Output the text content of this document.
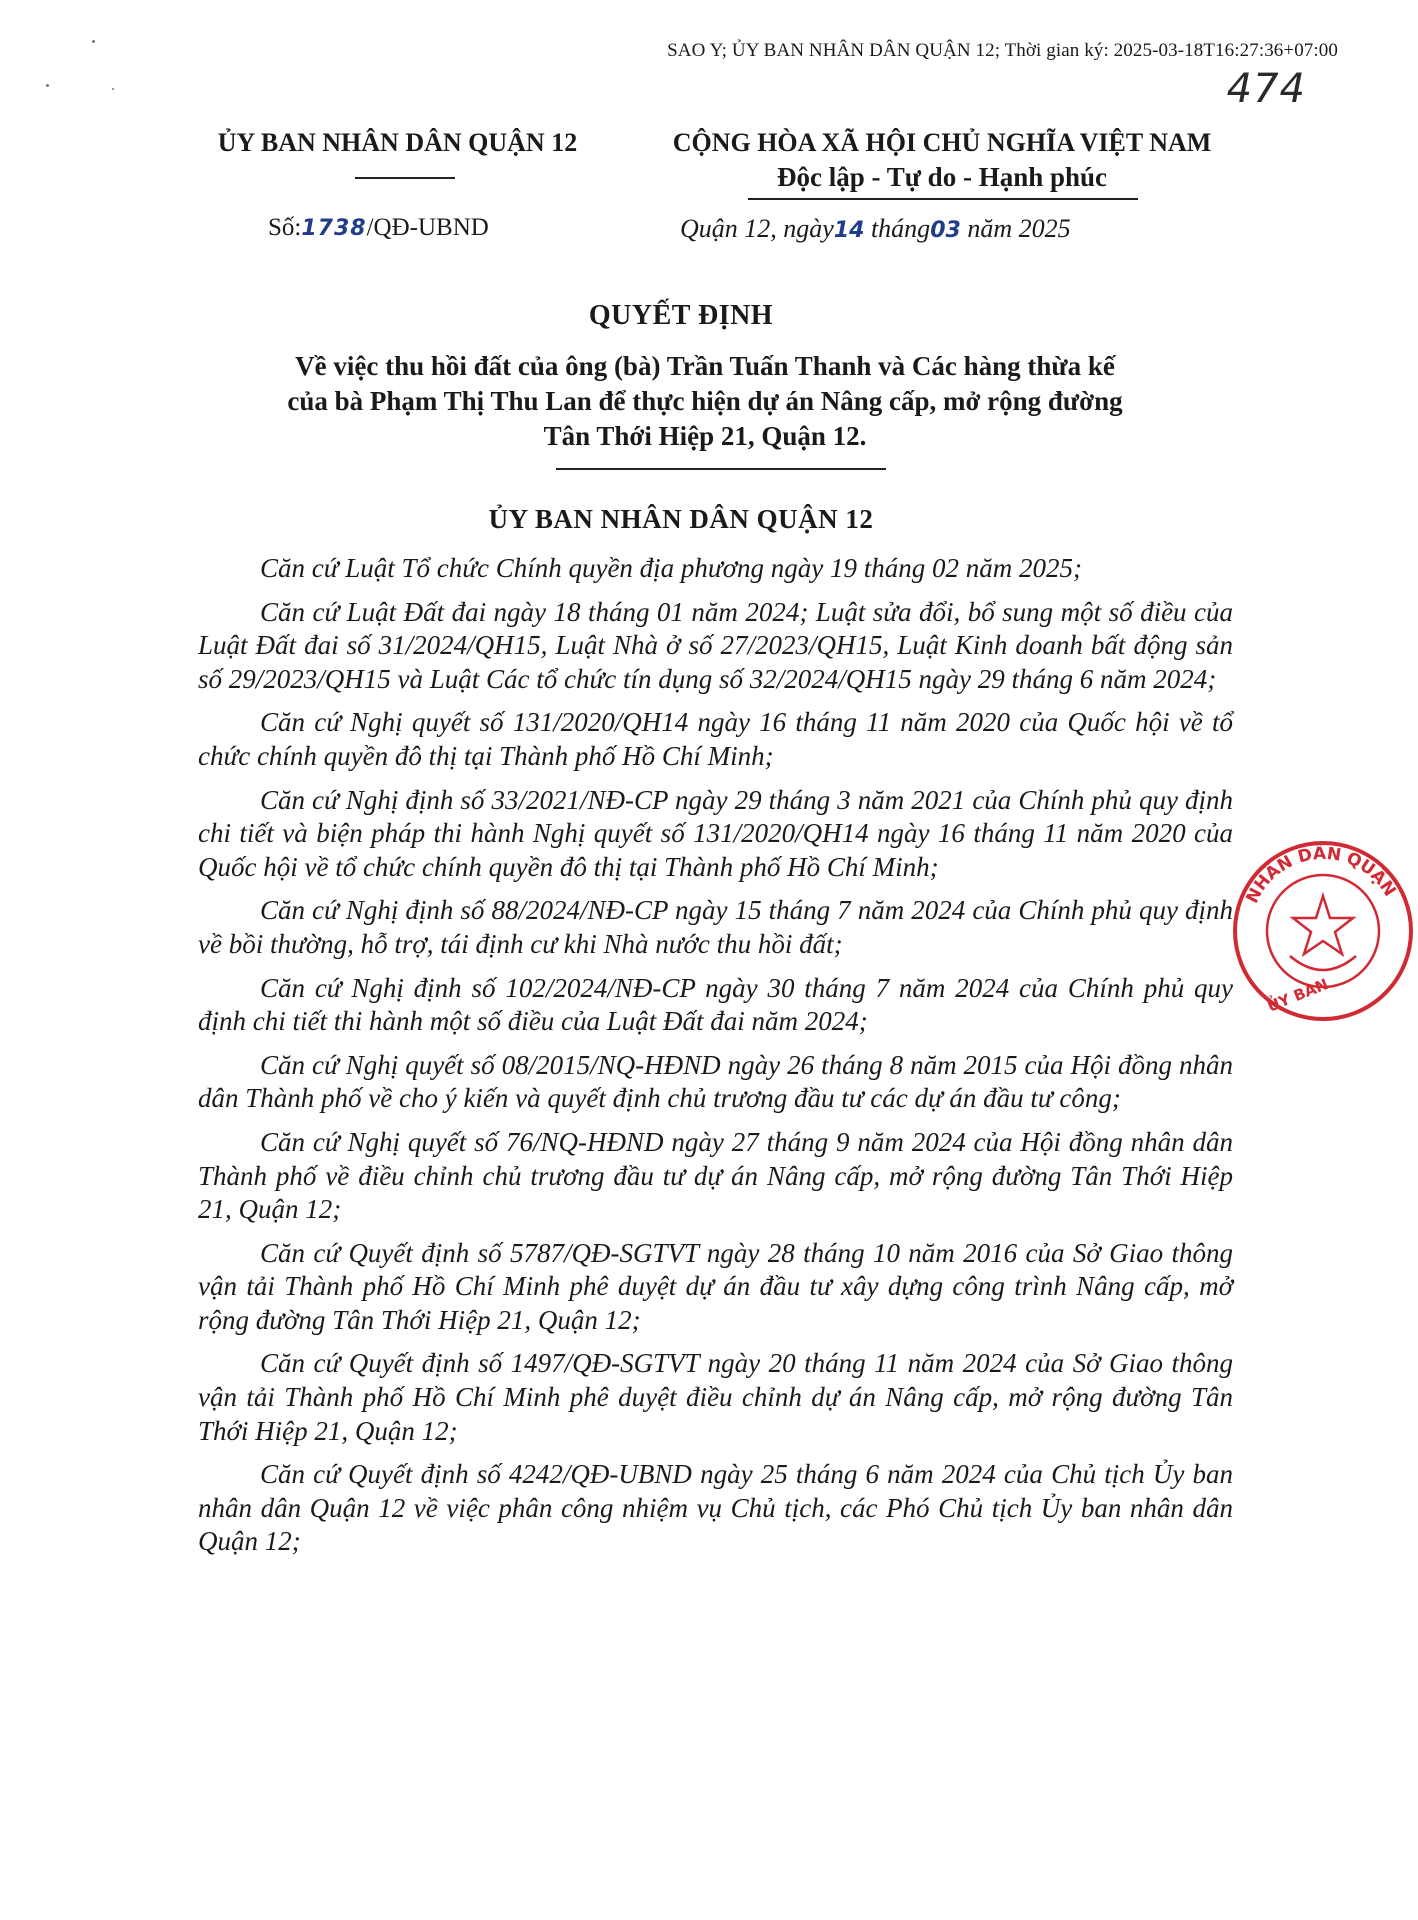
SAO Y; ỦY BAN NHÂN DÂN QUẬN 12; Thời gian ký: 2025-03-18T16:27:36+07:00
474
ỦY BAN NHÂN DÂN QUẬN 12
Số:1738/QĐ-UBND
CỘNG HÒA XÃ HỘI CHỦ NGHĨA VIỆT NAM
Độc lập - Tự do - Hạnh phúc
Quận 12, ngày14 tháng03 năm 2025
QUYẾT ĐỊNH
Về việc thu hồi đất của ông (bà) Trần Tuấn Thanh và Các hàng thừa kế
của bà Phạm Thị Thu Lan để thực hiện dự án Nâng cấp, mở rộng đường
Tân Thới Hiệp 21, Quận 12.
ỦY BAN NHÂN DÂN QUẬN 12

Căn cứ Luật Tổ chức Chính quyền địa phương ngày 19 tháng 02 năm 2025;

Căn cứ Luật Đất đai ngày 18 tháng 01 năm 2024; Luật sửa đổi, bổ sung một số điều của Luật Đất đai số 31/2024/QH15, Luật Nhà ở số 27/2023/QH15, Luật Kinh doanh bất động sản số 29/2023/QH15 và Luật Các tổ chức tín dụng số 32/2024/QH15 ngày 29 tháng 6 năm 2024;

Căn cứ Nghị quyết số 131/2020/QH14 ngày 16 tháng 11 năm 2020 của Quốc hội về tổ chức chính quyền đô thị tại Thành phố Hồ Chí Minh;

Căn cứ Nghị định số 33/2021/NĐ-CP ngày 29 tháng 3 năm 2021 của Chính phủ quy định chi tiết và biện pháp thi hành Nghị quyết số 131/2020/QH14 ngày 16 tháng 11 năm 2020 của Quốc hội về tổ chức chính quyền đô thị tại Thành phố Hồ Chí Minh;

Căn cứ Nghị định số 88/2024/NĐ-CP ngày 15 tháng 7 năm 2024 của Chính phủ quy định về bồi thường, hỗ trợ, tái định cư khi Nhà nước thu hồi đất;

Căn cứ Nghị định số 102/2024/NĐ-CP ngày 30 tháng 7 năm 2024 của Chính phủ quy định chi tiết thi hành một số điều của Luật Đất đai năm 2024;

Căn cứ Nghị quyết số 08/2015/NQ-HĐND ngày 26 tháng 8 năm 2015 của Hội đồng nhân dân Thành phố về cho ý kiến và quyết định chủ trương đầu tư các dự án đầu tư công;

Căn cứ Nghị quyết số 76/NQ-HĐND ngày 27 tháng 9 năm 2024 của Hội đồng nhân dân Thành phố về điều chỉnh chủ trương đầu tư dự án Nâng cấp, mở rộng đường Tân Thới Hiệp 21, Quận 12;

Căn cứ Quyết định số 5787/QĐ-SGTVT ngày 28 tháng 10 năm 2016 của Sở Giao thông vận tải Thành phố Hồ Chí Minh phê duyệt dự án đầu tư xây dựng công trình Nâng cấp, mở rộng đường Tân Thới Hiệp 21, Quận 12;

Căn cứ Quyết định số 1497/QĐ-SGTVT ngày 20 tháng 11 năm 2024 của Sở Giao thông vận tải Thành phố Hồ Chí Minh phê duyệt điều chỉnh dự án Nâng cấp, mở rộng đường Tân Thới Hiệp 21, Quận 12;

Căn cứ Quyết định số 4242/QĐ-UBND ngày 25 tháng 6 năm 2024 của Chủ tịch Ủy ban nhân dân Quận 12 về việc phân công nhiệm vụ Chủ tịch, các Phó Chủ tịch Ủy ban nhân dân Quận 12;

NHÂN DÂN QUẬN
ỦY BAN
